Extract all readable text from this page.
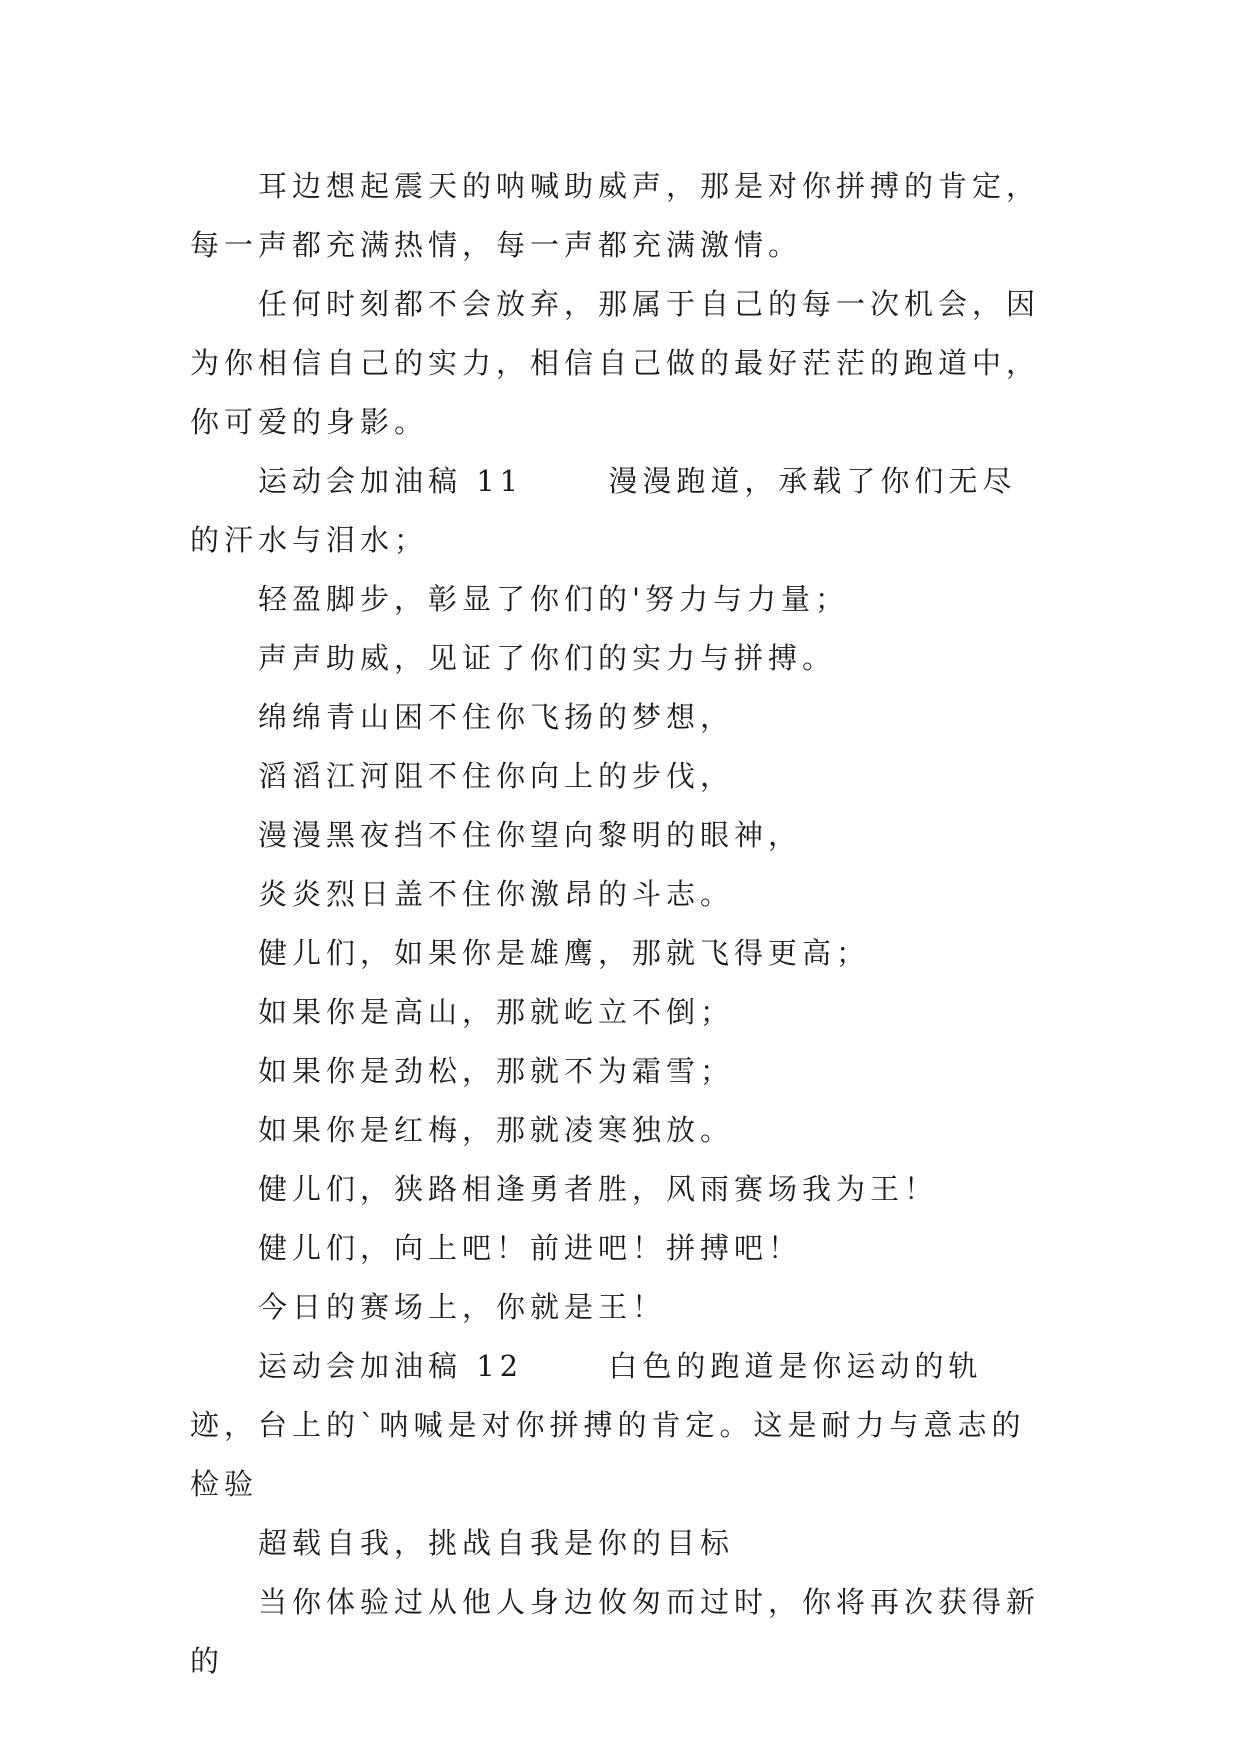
耳边想起震天的呐喊助威声，那是对你拼搏的肯定，每一声都充满热情，每一声都充满激情。

任何时刻都不会放弃，那属于自己的每一次机会，因为你相信自己的实力，相信自己做的最好茫茫的跑道中，你可爱的身影。

运动会加油稿 11      漫漫跑道，承载了你们无尽的汗水与泪水；

轻盈脚步，彰显了你们的'努力与力量；

声声助威，见证了你们的实力与拼搏。

绵绵青山困不住你飞扬的梦想，

滔滔江河阻不住你向上的步伐，

漫漫黑夜挡不住你望向黎明的眼神，

炎炎烈日盖不住你激昂的斗志。

健儿们，如果你是雄鹰，那就飞得更高；

如果你是高山，那就屹立不倒；

如果你是劲松，那就不为霜雪；

如果你是红梅，那就凌寒独放。

健儿们，狭路相逢勇者胜，风雨赛场我为王！

健儿们，向上吧！前进吧！拼搏吧！

今日的赛场上，你就是王！

运动会加油稿 12      白色的跑道是你运动的轨迹，台上的`呐喊是对你拼搏的肯定。这是耐力与意志的检验

超载自我，挑战自我是你的目标

当你体验过从他人身边攸匆而过时，你将再次获得新的
